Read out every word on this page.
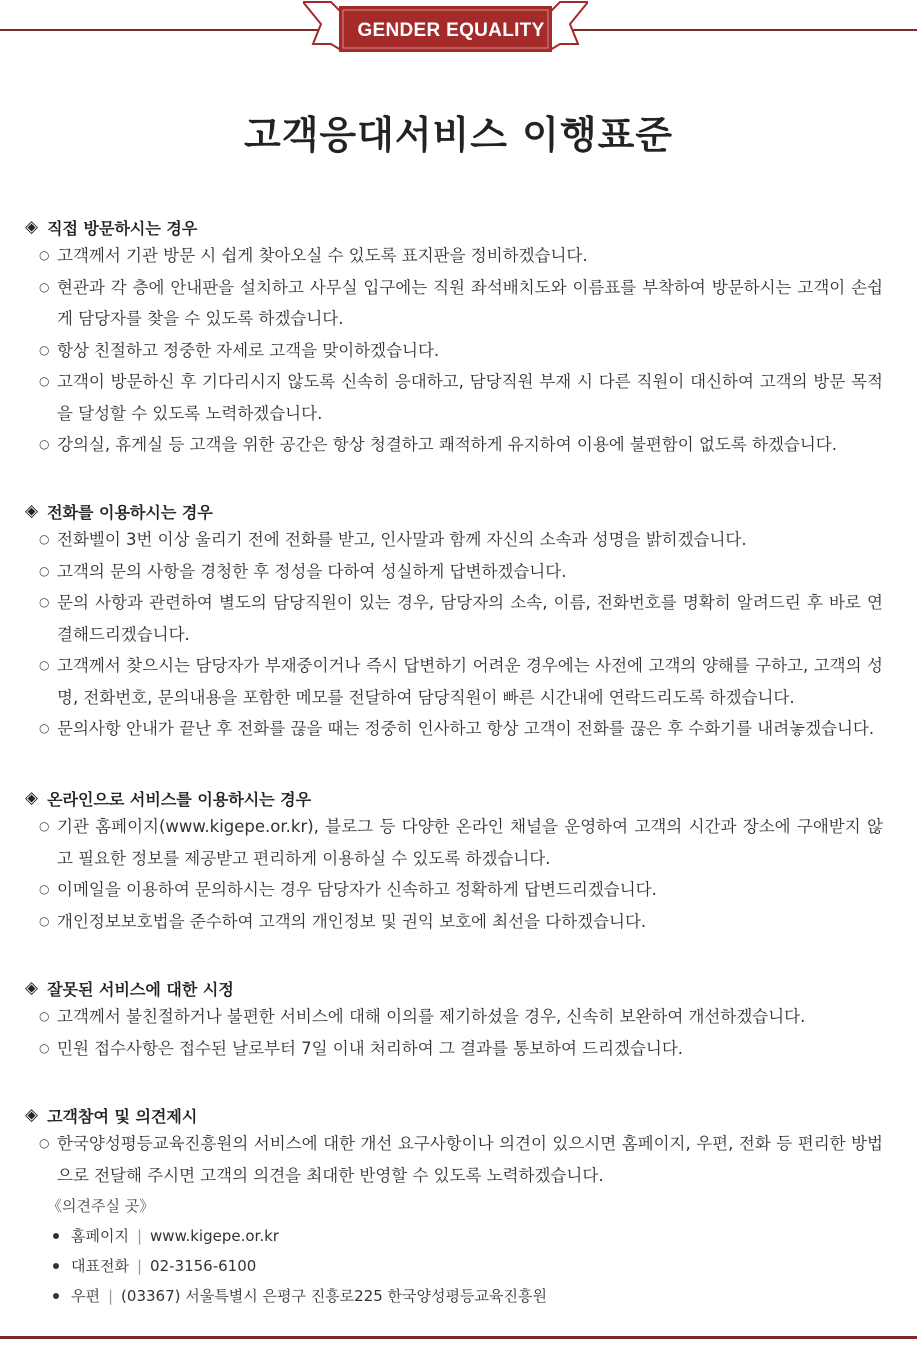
GENDER EQUALITY
고객응대서비스 이행표준
◈ 직접 방문하시는 경우
○ 고객께서 기관 방문 시 쉽게 찾아오실 수 있도록 표지판을 정비하겠습니다.
○ 현관과 각 층에 안내판을 설치하고 사무실 입구에는 직원 좌석배치도와 이름표를 부착하여 방문하시는 고객이 손쉽게 담당자를 찾을 수 있도록 하겠습니다.
○ 항상 친절하고 정중한 자세로 고객을 맞이하겠습니다.
○ 고객이 방문하신 후 기다리시지 않도록 신속히 응대하고, 담당직원 부재 시 다른 직원이 대신하여 고객의 방문 목적을 달성할 수 있도록 노력하겠습니다.
○ 강의실, 휴게실 등 고객을 위한 공간은 항상 청결하고 쾌적하게 유지하여 이용에 불편함이 없도록 하겠습니다.
◈ 전화를 이용하시는 경우
○ 전화벨이 3번 이상 울리기 전에 전화를 받고, 인사말과 함께 자신의 소속과 성명을 밝히겠습니다.
○ 고객의 문의 사항을 경청한 후 정성을 다하여 성실하게 답변하겠습니다.
○ 문의 사항과 관련하여 별도의 담당직원이 있는 경우, 담당자의 소속, 이름, 전화번호를 명확히 알려드린 후 바로 연결해드리겠습니다.
○ 고객께서 찾으시는 담당자가 부재중이거나 즉시 답변하기 어려운 경우에는 사전에 고객의 양해를 구하고, 고객의 성명, 전화번호, 문의내용을 포함한 메모를 전달하여 담당직원이 빠른 시간내에 연락드리도록 하겠습니다.
○ 문의사항 안내가 끝난 후 전화를 끊을 때는 정중히 인사하고 항상 고객이 전화를 끊은 후 수화기를 내려놓겠습니다.
◈ 온라인으로 서비스를 이용하시는 경우
○ 기관 홈페이지(www.kigepe.or.kr), 블로그 등 다양한 온라인 채널을 운영하여 고객의 시간과 장소에 구애받지 않고 필요한 정보를 제공받고 편리하게 이용하실 수 있도록 하겠습니다.
○ 이메일을 이용하여 문의하시는 경우 담당자가 신속하고 정확하게 답변드리겠습니다.
○ 개인정보보호법을 준수하여 고객의 개인정보 및 권익 보호에 최선을 다하겠습니다.
◈ 잘못된 서비스에 대한 시정
○ 고객께서 불친절하거나 불편한 서비스에 대해 이의를 제기하셨을 경우, 신속히 보완하여 개선하겠습니다.
○ 민원 접수사항은 접수된 날로부터 7일 이내 처리하여 그 결과를 통보하여 드리겠습니다.
◈ 고객참여 및 의견제시
○ 한국양성평등교육진흥원의 서비스에 대한 개선 요구사항이나 의견이 있으시면 홈페이지, 우편, 전화 등 편리한 방법으로 전달해 주시면 고객의 의견을 최대한 반영할 수 있도록 노력하겠습니다.
《의견주실 곳》
홈페이지 | www.kigepe.or.kr
대표전화 | 02-3156-6100
우편 | (03367) 서울특별시 은평구 진흥로225 한국양성평등교육진흥원
